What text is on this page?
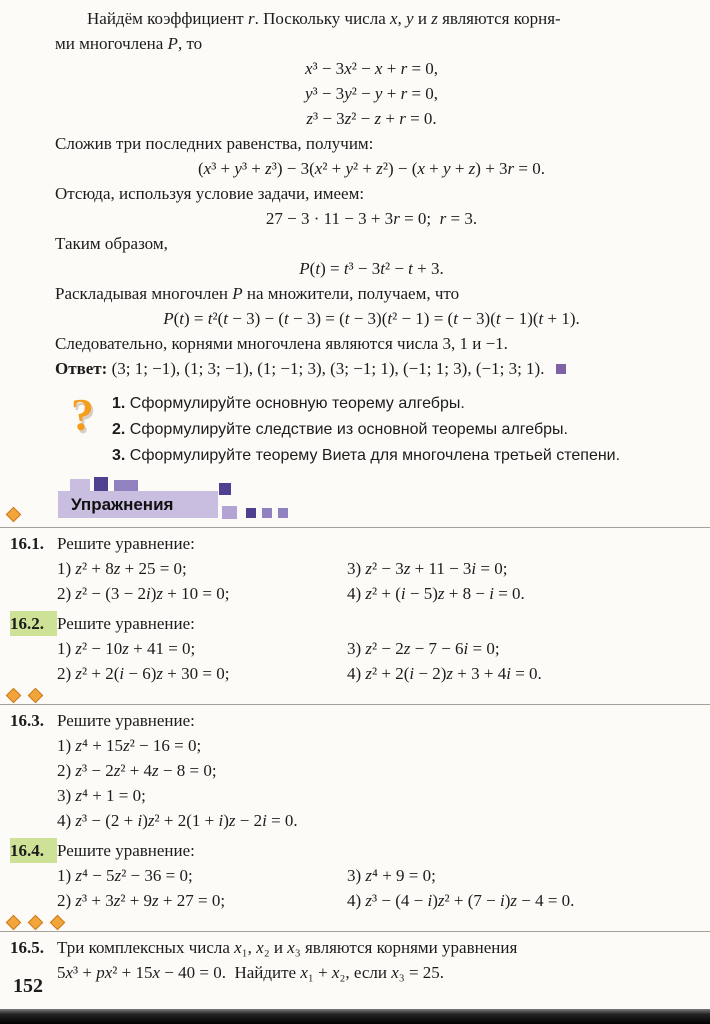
Найдём коэффициент r. Поскольку числа x, y и z являются корня-

ми многочлена P, то

x³ − 3x² − x + r = 0,

y³ − 3y² − y + r = 0,

z³ − 3z² − z + r = 0.

Сложив три последних равенства, получим:

(x³ + y³ + z³) − 3(x² + y² + z²) − (x + y + z) + 3r = 0.

Отсюда, используя условие задачи, имеем:

27 − 3 · 11 − 3 + 3r = 0;  r = 3.

Таким образом,

P(t) = t³ − 3t² − t + 3.

Раскладывая многочлен P на множители, получаем, что

P(t) = t²(t − 3) − (t − 3) = (t − 3)(t² − 1) = (t − 3)(t − 1)(t + 1).

Следовательно, корнями многочлена являются числа 3, 1 и −1.

Ответ: (3; 1; −1), (1; 3; −1), (1; −1; 3), (3; −1; 1), (−1; 1; 3), (−1; 3; 1).

? 1. Сформулируйте основную теорему алгебры.
2. Сформулируйте следствие из основной теоремы алгебры.
3. Сформулируйте теорему Виета для многочлена третьей степени.
Упражнения
16.1. Решите уравнение:

1) z² + 8z + 25 = 0;

2) z² − (3 − 2i)z + 10 = 0;

3) z² − 3z + 11 − 3i = 0;

4) z² + (i − 5)z + 8 − i = 0.

16.2. Решите уравнение:

1) z² − 10z + 41 = 0;

2) z² + 2(i − 6)z + 30 = 0;

3) z² − 2z − 7 − 6i = 0;

4) z² + 2(i − 2)z + 3 + 4i = 0.

16.3. Решите уравнение:

1) z⁴ + 15z² − 16 = 0;

2) z³ − 2z² + 4z − 8 = 0;

3) z⁴ + 1 = 0;

4) z³ − (2 + i)z² + 2(1 + i)z − 2i = 0.

16.4. Решите уравнение:

1) z⁴ − 5z² − 36 = 0;

2) z³ + 3z² + 9z + 27 = 0;

3) z⁴ + 9 = 0;

4) z³ − (4 − i)z² + (7 − i)z − 4 = 0.

16.5. Три комплексных числа x₁, x₂ и x₃ являются корнями уравнения

5x³ + px² + 15x − 40 = 0.  Найдите x₁ + x₂, если x₃ = 25.

152
